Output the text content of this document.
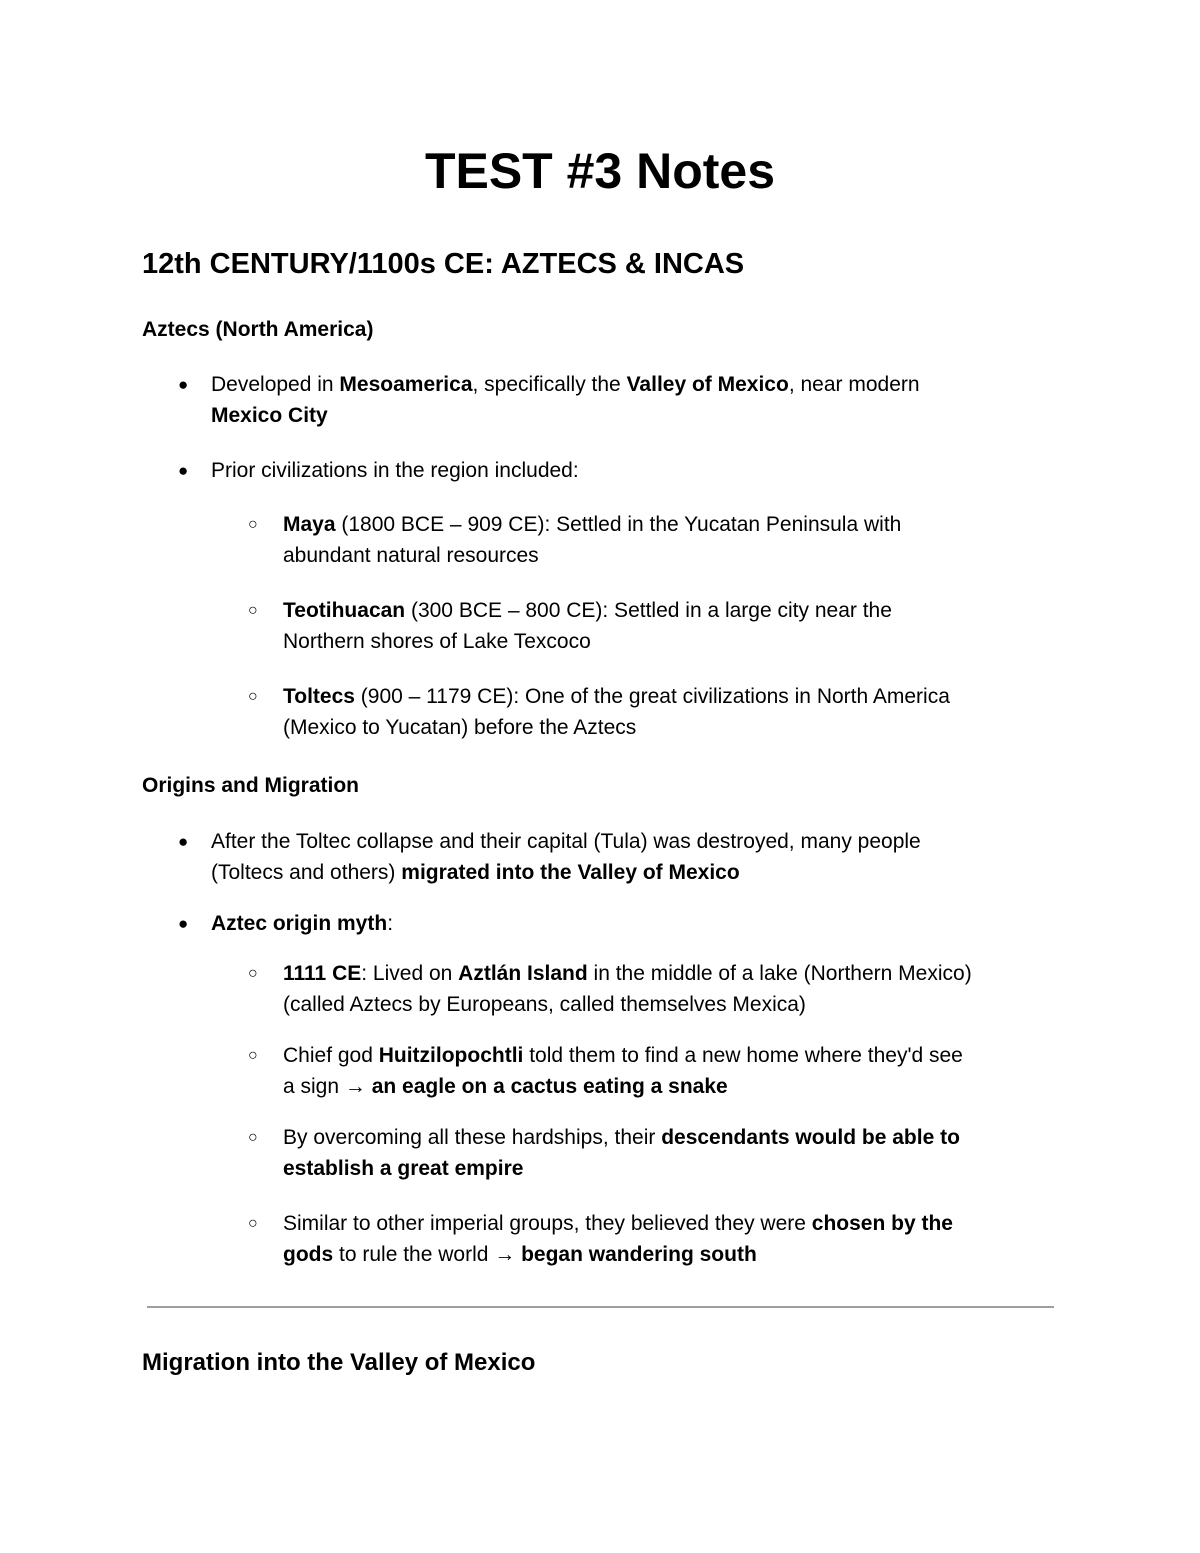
TEST #3 Notes
12th CENTURY/1100s CE: AZTECS & INCAS
Aztecs (North America)
● Developed in Mesoamerica, specifically the Valley of Mexico, near modern
Mexico City
● Prior civilizations in the region included:
○ Maya (1800 BCE – 909 CE): Settled in the Yucatan Peninsula with
abundant natural resources
○ Teotihuacan (300 BCE – 800 CE): Settled in a large city near the
Northern shores of Lake Texcoco
○ Toltecs (900 – 1179 CE): One of the great civilizations in North America
(Mexico to Yucatan) before the Aztecs
Origins and Migration
● After the Toltec collapse and their capital (Tula) was destroyed, many people
(Toltecs and others) migrated into the Valley of Mexico
● Aztec origin myth:
○ 1111 CE: Lived on Aztlán Island in the middle of a lake (Northern Mexico)
(called Aztecs by Europeans, called themselves Mexica)
○ Chief god Huitzilopochtli told them to find a new home where they'd see
a sign → an eagle on a cactus eating a snake
○ By overcoming all these hardships, their descendants would be able to
establish a great empire
○ Similar to other imperial groups, they believed they were chosen by the
gods to rule the world → began wandering south
Migration into the Valley of Mexico
